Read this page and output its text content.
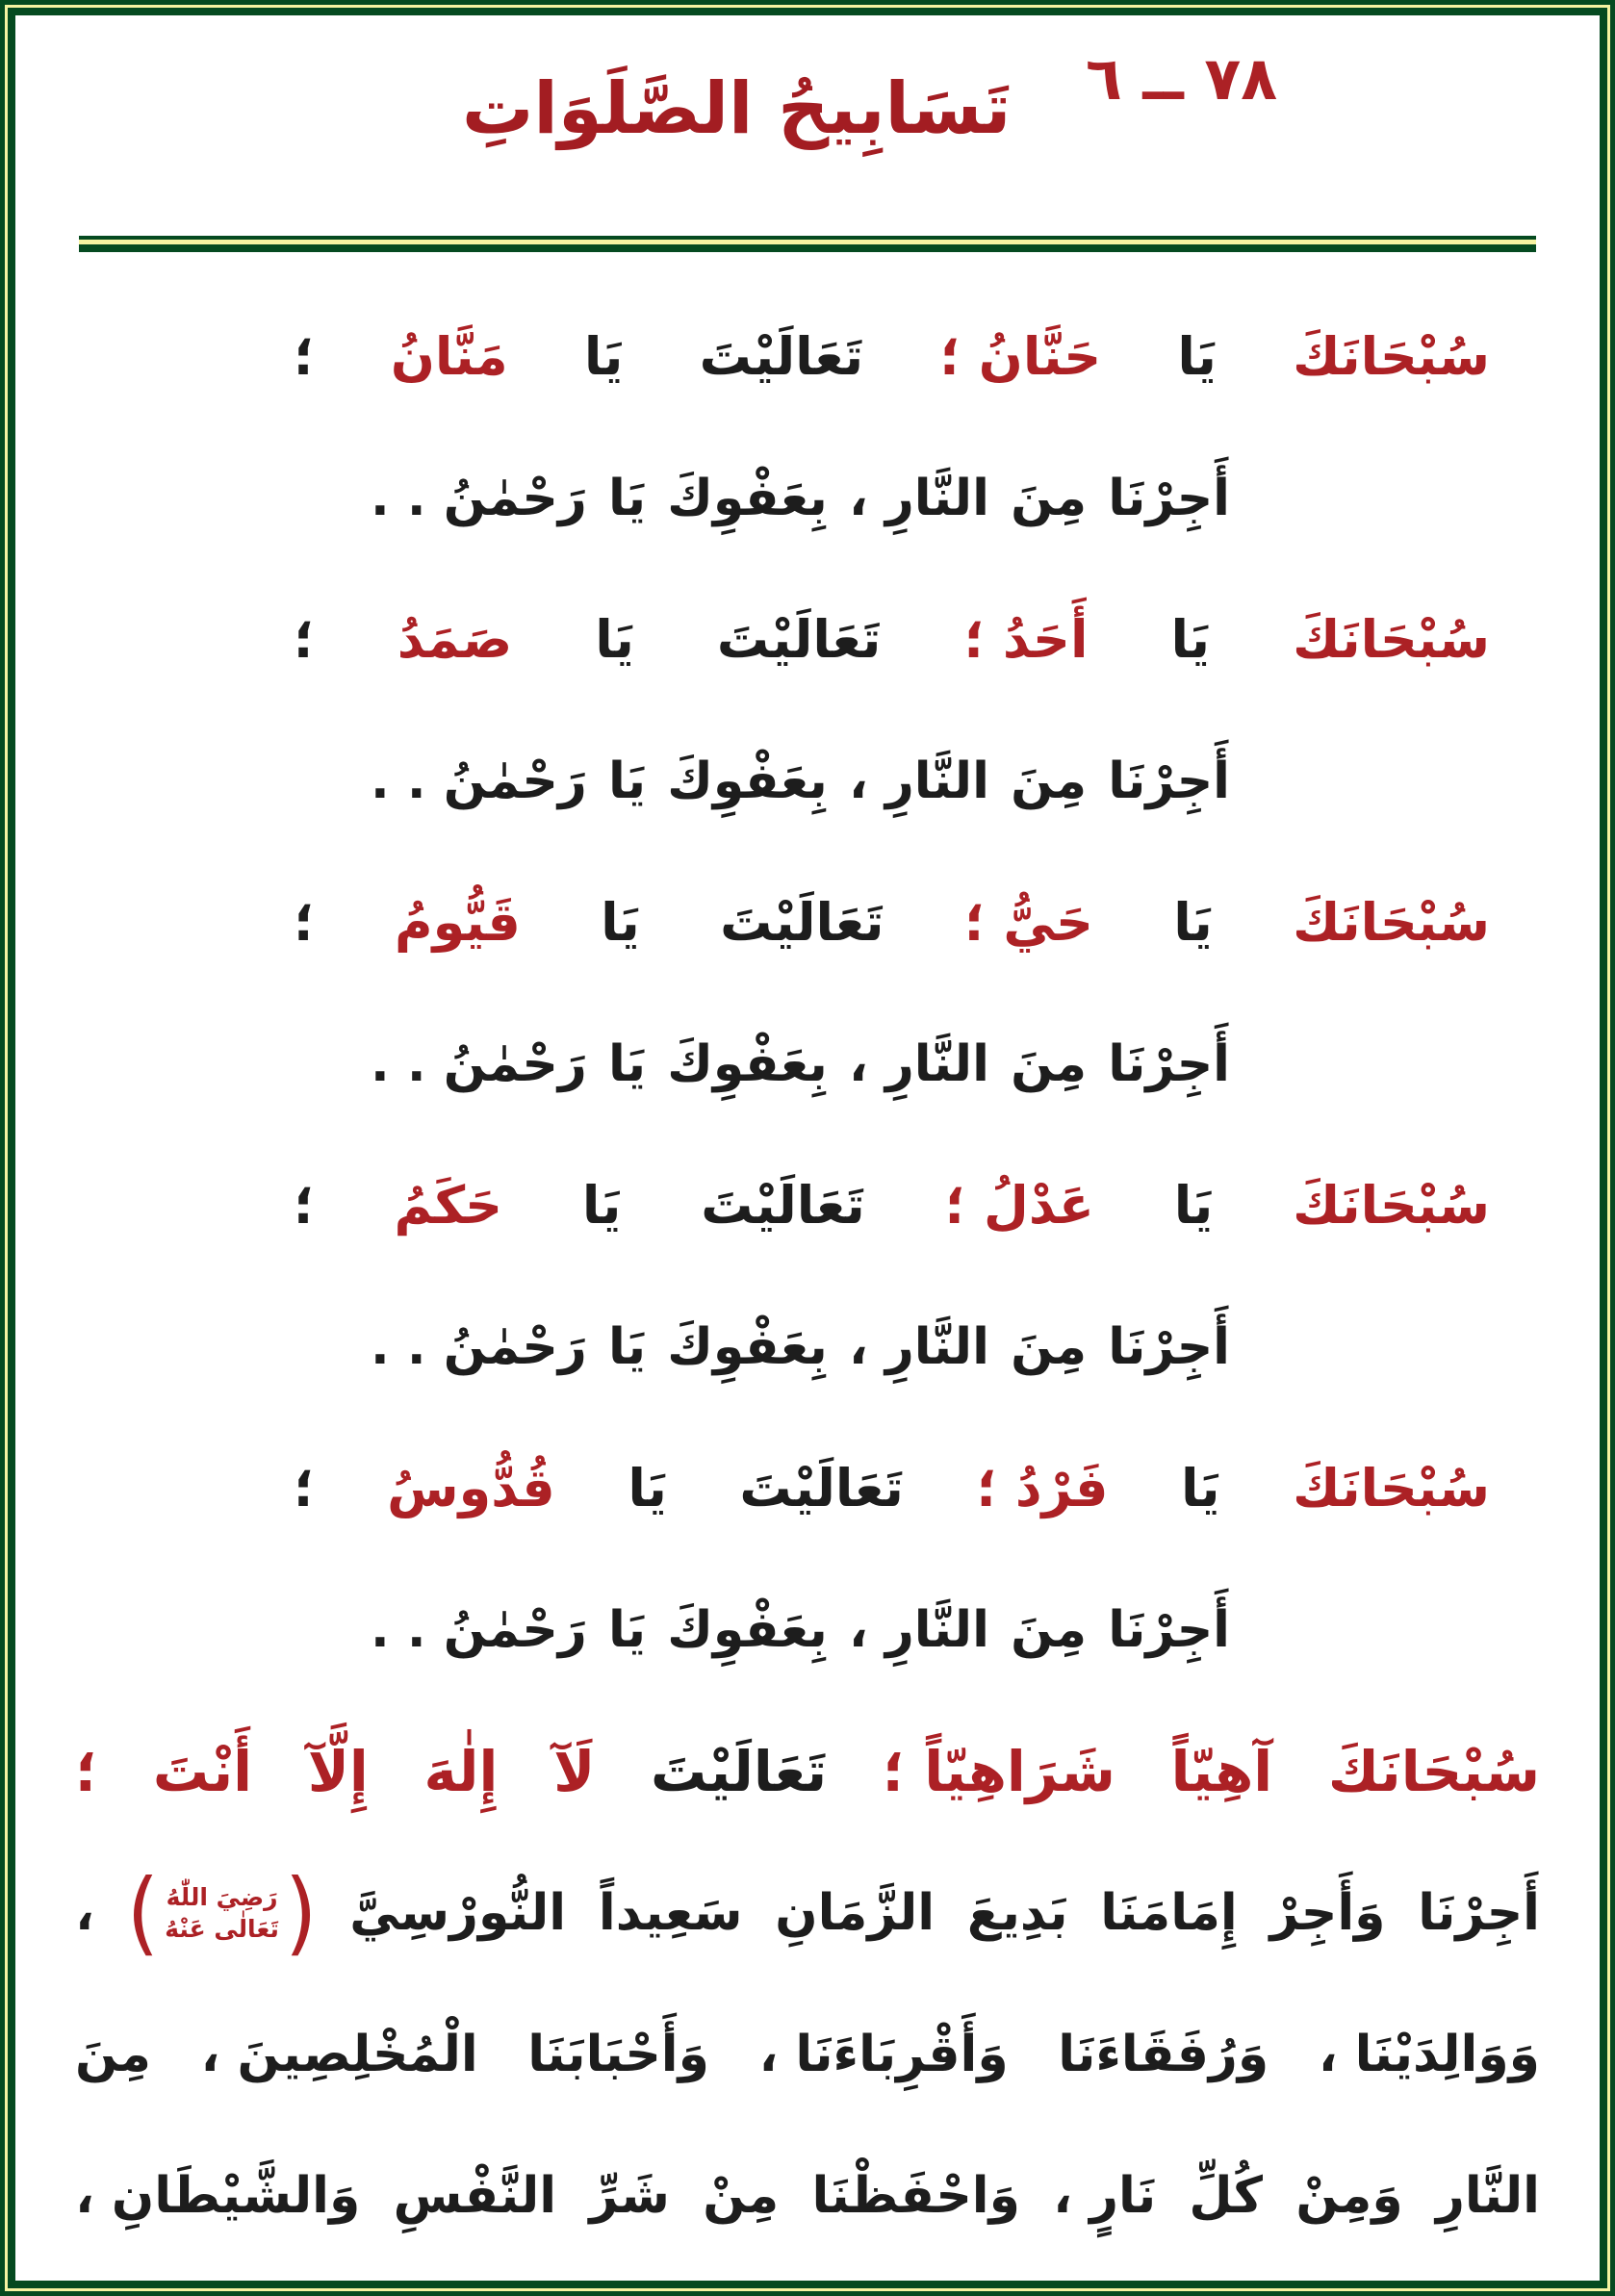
٧٨ ــ ٦
تَسَابِيحُ الصَّلَوَاتِ
سُبْحَانَكَ
يَا
حَنَّانُ ؛
تَعَالَيْتَ
يَا
مَنَّانُ
؛
أَجِرْنَا
مِنَ
النَّارِ ،
بِعَفْوِكَ
يَا
رَحْمٰنُ . .
سُبْحَانَكَ
يَا
أَحَدُ ؛
تَعَالَيْتَ
يَا
صَمَدُ
؛
أَجِرْنَا
مِنَ
النَّارِ ،
بِعَفْوِكَ
يَا
رَحْمٰنُ . .
سُبْحَانَكَ
يَا
حَيُّ ؛
تَعَالَيْتَ
يَا
قَيُّومُ
؛
أَجِرْنَا
مِنَ
النَّارِ ،
بِعَفْوِكَ
يَا
رَحْمٰنُ . .
سُبْحَانَكَ
يَا
عَدْلُ ؛
تَعَالَيْتَ
يَا
حَكَمُ
؛
أَجِرْنَا
مِنَ
النَّارِ ،
بِعَفْوِكَ
يَا
رَحْمٰنُ . .
سُبْحَانَكَ
يَا
فَرْدُ ؛
تَعَالَيْتَ
يَا
قُدُّوسُ
؛
أَجِرْنَا
مِنَ
النَّارِ ،
بِعَفْوِكَ
يَا
رَحْمٰنُ . .
سُبْحَانَكَ
آهِيّاً
شَرَاهِيّاً ؛
تَعَالَيْتَ
لَآ
إِلٰهَ
إِلَّآ
أَنْتَ
؛
أَجِرْنَا
وَأَجِرْ
إِمَامَنَا
بَدِيعَ
الزَّمَانِ
سَعِيداً
النُّورْسِيَّ
(
رَضِيَ اللّٰهُ
تَعَالٰى عَنْهُ
)
،
وَوَالِدَيْنَا ،
وَرُفَقَاءَنَا
وَأَقْرِبَاءَنَا ،
وَأَحْبَابَنَا
الْمُخْلِصِينَ ،
مِنَ
النَّارِ
وَمِنْ
كُلِّ
نَارٍ ،
وَاحْفَظْنَا
مِنْ
شَرِّ
النَّفْسِ
وَالشَّيْطَانِ ،
